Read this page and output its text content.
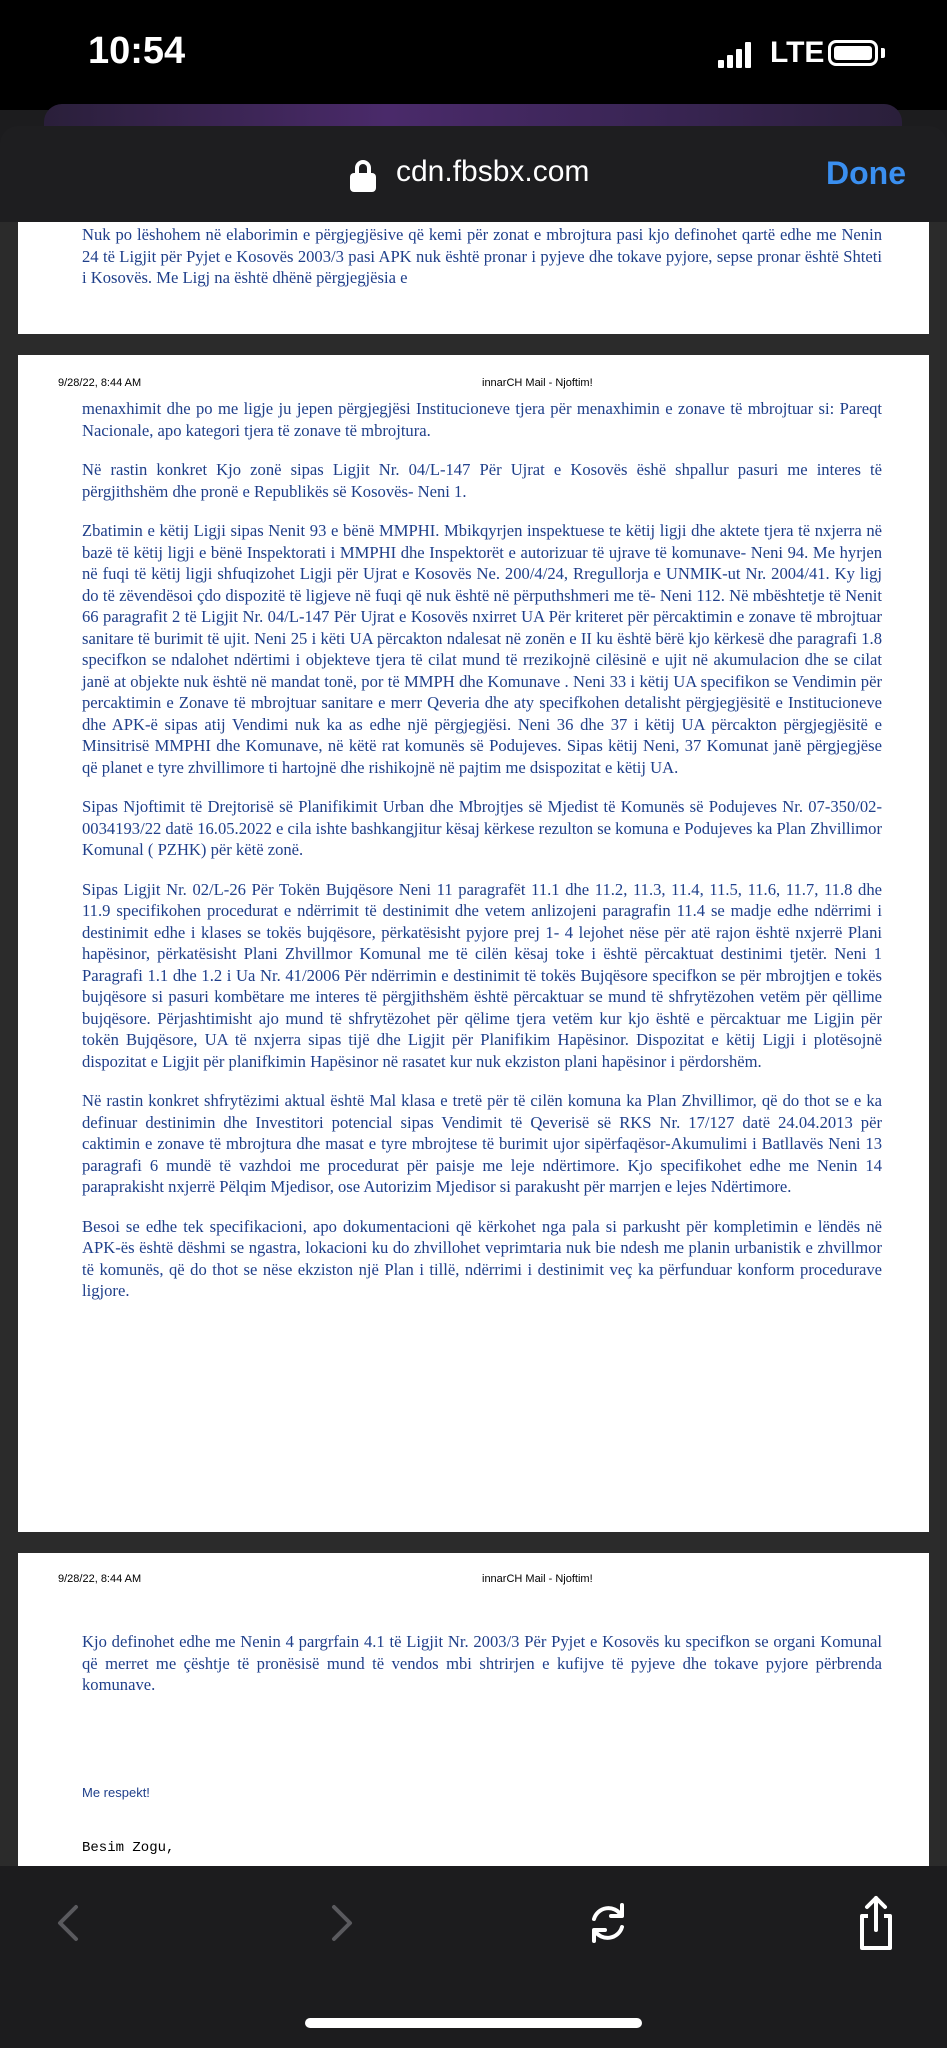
10:54	LTE
cdn.fbsbx.com	Done

Nuk po lëshohem në elaborimin e përgjegjësive që kemi për zonat e mbrojtura pasi kjo definohet qartë edhe me Nenin 24 të Ligjit për Pyjet e Kosovës 2003/3 pasi APK nuk është pronar i pyjeve dhe tokave pyjore, sepse pronar është Shteti i Kosovës. Me Ligj na është dhënë përgjegjësia e

9/28/22, 8:44 AM	innarCH Mail - Njoftim!

menaxhimit dhe po me ligje ju jepen përgjegjësi Institucioneve tjera për menaxhimin e zonave të mbrojtuar si: Pareqt Nacionale, apo kategori tjera të zonave të mbrojtura.

Në rastin konkret Kjo zonë sipas Ligjit Nr. 04/L-147 Për Ujrat e Kosovës ëshë shpallur pasuri me interes të përgjithshëm dhe pronë e Republikës së Kosovës- Neni 1.

Zbatimin e këtij Ligji sipas Nenit 93 e bënë MMPHI. Mbikqyrjen inspektuese te këtij ligji dhe aktete tjera të nxjerra në bazë të këtij ligji e bënë Inspektorati i MMPHI dhe Inspektorët e autorizuar të ujrave të komunave- Neni 94. Me hyrjen në fuqi të këtij ligji shfuqizohet Ligji për Ujrat e Kosovës Ne. 200/4/24, Rregullorja e UNMIK-ut Nr. 2004/41. Ky ligj do të zëvendësoi çdo dispozitë të ligjeve në fuqi që nuk është në përputhshmeri me të- Neni 112. Në mbështetje të Nenit 66 paragrafit 2 të Ligjit Nr. 04/L-147 Për Ujrat e Kosovës nxirret UA Për kriteret për përcaktimin e zonave të mbrojtuar sanitare të burimit të ujit. Neni 25 i këti UA përcakton ndalesat në zonën e II ku është bërë kjo kërkesë dhe paragrafi 1.8 specifkon se ndalohet ndërtimi i objekteve tjera të cilat mund të rrezikojnë cilësinë e ujit në akumulacion dhe se cilat janë at objekte nuk është në mandat tonë, por të MMPH dhe Komunave . Neni 33 i këtij UA specifikon se Vendimin për percaktimin e Zonave të mbrojtuar sanitare e merr Qeveria dhe aty specifkohen detalisht përgjegjësitë e Institucioneve dhe APK-ë sipas atij Vendimi nuk ka as edhe një përgjegjësi. Neni 36 dhe 37 i këtij UA përcakton përgjegjësitë e Minsitrisë MMPHI dhe Komunave, në këtë rat komunës së Podujeves. Sipas këtij Neni, 37 Komunat janë përgjegjëse që planet e tyre zhvillimore ti hartojnë dhe rishikojnë në pajtim me dsispozitat e këtij UA.

Sipas Njoftimit të Drejtorisë së Planifikimit Urban dhe Mbrojtjes së Mjedist të Komunës së Podujeves Nr. 07-350/02-0034193/22 datë 16.05.2022 e cila ishte bashkangjitur kësaj kërkese rezulton se komuna e Podujeves ka Plan Zhvillimor Komunal ( PZHK) për këtë zonë.

Sipas Ligjit Nr. 02/L-26 Për Tokën Bujqësore Neni 11 paragrafët 11.1 dhe 11.2, 11.3, 11.4, 11.5, 11.6, 11.7, 11.8 dhe 11.9 specifikohen procedurat e ndërrimit të destinimit dhe vetem anlizojeni paragrafin 11.4 se madje edhe ndërrimi i destinimit edhe i klases se tokës bujqësore, përkatësisht pyjore prej 1- 4 lejohet nëse për atë rajon është nxjerrë Plani hapësinor, përkatësisht Plani Zhvillmor Komunal me të cilën kësaj toke i është përcaktuat destinimi tjetër. Neni 1 Paragrafi 1.1 dhe 1.2 i Ua Nr. 41/2006 Për ndërrimin e destinimit të tokës Bujqësore specifkon se për mbrojtjen e tokës bujqësore si pasuri kombëtare me interes të përgjithshëm është përcaktuar se mund të shfrytëzohen vetëm për qëllime bujqësore. Përjashtimisht ajo mund të shfrytëzohet për qëlime tjera vetëm kur kjo është e përcaktuar me Ligjin për tokën Bujqësore, UA të nxjerra sipas tijë dhe Ligjit për Planifikim Hapësinor. Dispozitat e këtij Ligji i plotësojnë dispozitat e Ligjit për planifkimin Hapësinor në rasatet kur nuk ekziston plani hapësinor i përdorshëm.

Në rastin konkret shfrytëzimi aktual është Mal klasa e tretë për të cilën komuna ka Plan Zhvillimor, që do thot se e ka definuar destinimin dhe Investitori potencial sipas Vendimit të Qeverisë së RKS Nr. 17/127 datë 24.04.2013 për caktimin e zonave të mbrojtura dhe masat e tyre mbrojtese të burimit ujor sipërfaqësor-Akumulimi i Batllavës Neni 13 paragrafi 6 mundë të vazhdoi me procedurat për paisje me leje ndërtimore. Kjo specifikohet edhe me Nenin 14 paraprakisht nxjerrë Pëlqim Mjedisor, ose Autorizim Mjedisor si parakusht për marrjen e lejes Ndërtimore.

Besoi se edhe tek specifikacioni, apo dokumentacioni që kërkohet nga pala si parkusht për kompletimin e lëndës në APK-ës është dëshmi se ngastra, lokacioni ku do zhvillohet veprimtaria nuk bie ndesh me planin urbanistik e zhvillmor të komunës, që do thot se nëse ekziston një Plan i tillë, ndërrimi i destinimit veç ka përfunduar konform procedurave ligjore.

9/28/22, 8:44 AM	innarCH Mail - Njoftim!

Kjo definohet edhe me Nenin 4 pargrfain 4.1 të Ligjit Nr. 2003/3 Për Pyjet e Kosovës ku specifkon se organi Komunal që merret me çështje të pronësisë mund të vendos mbi shtrirjen e kufijve të pyjeve dhe tokave pyjore përbrenda komunave.

Me respekt!
Besim Zogu,
